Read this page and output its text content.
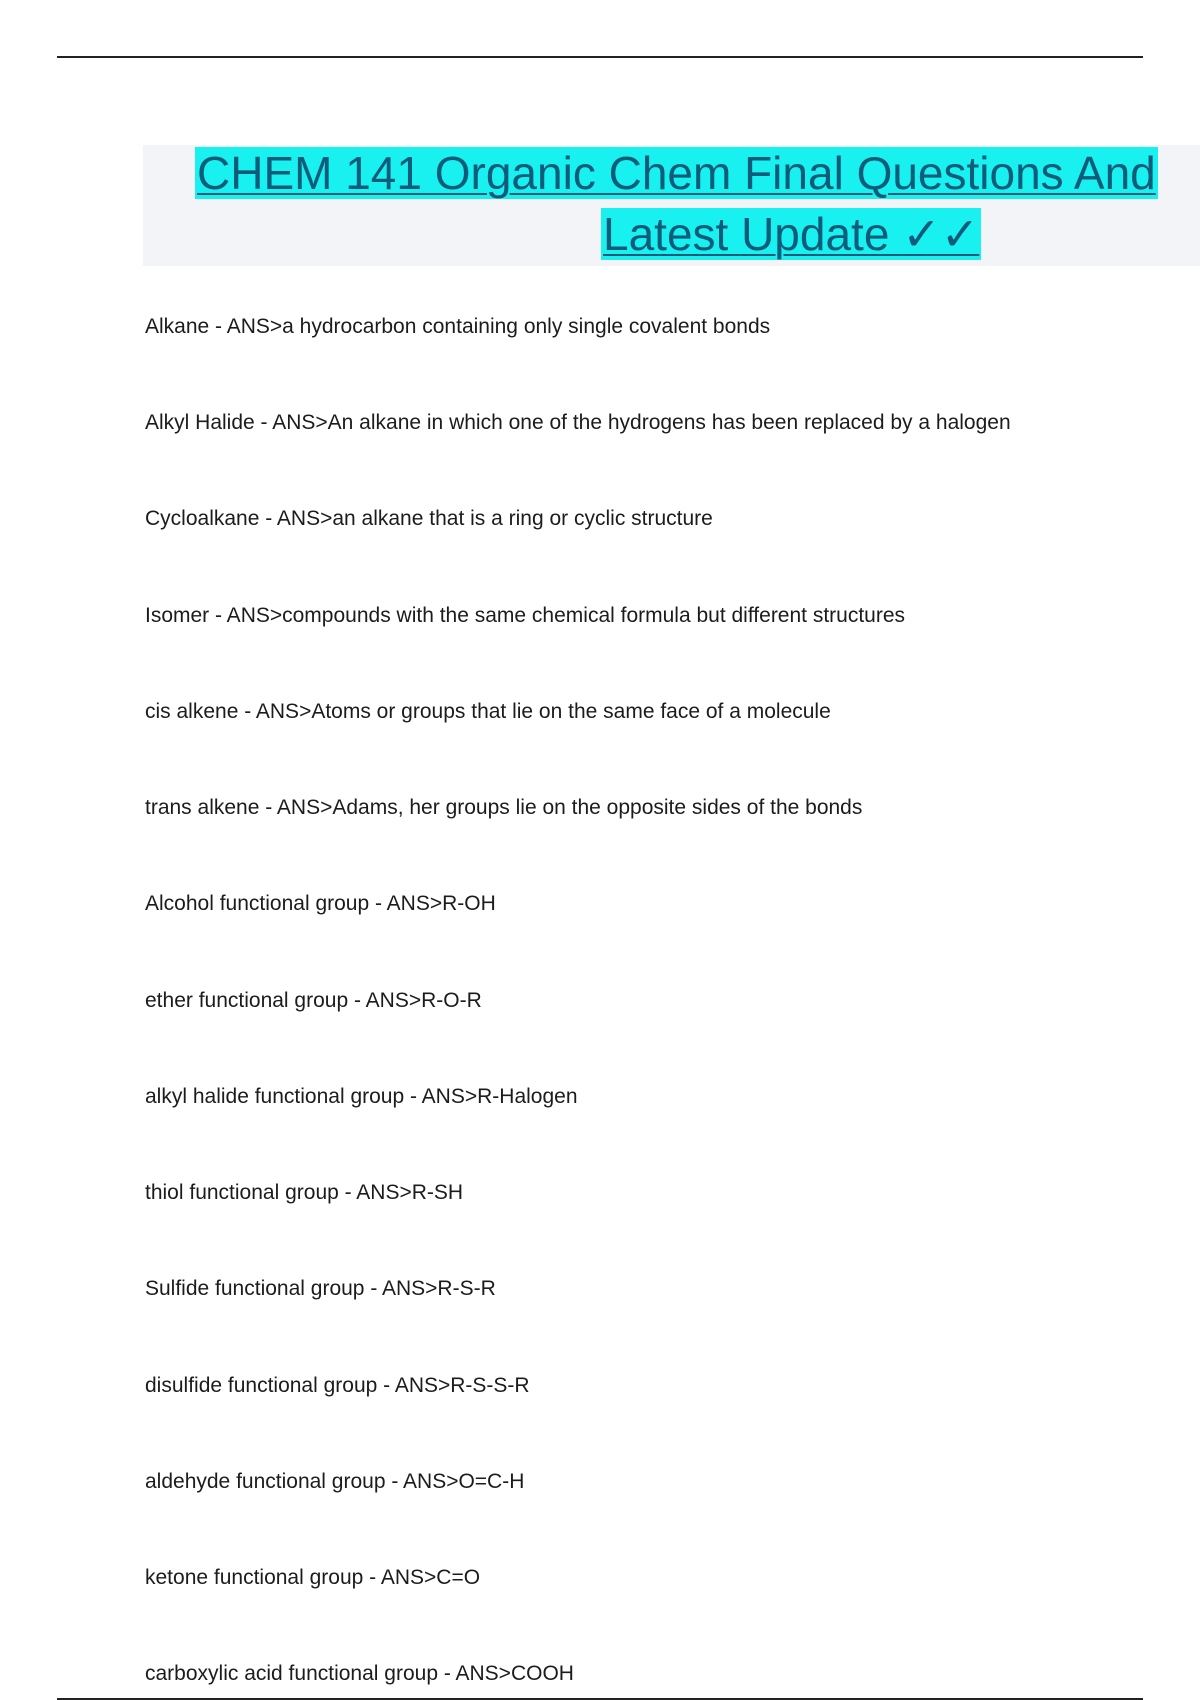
CHEM 141 Organic Chem Final Questions And
Latest Update ✓✓
Alkane - ANS>a hydrocarbon containing only single covalent bonds
Alkyl Halide - ANS>An alkane in which one of the hydrogens has been replaced by a halogen
Cycloalkane - ANS>an alkane that is a ring or cyclic structure
Isomer - ANS>compounds with the same chemical formula but different structures
cis alkene - ANS>Atoms or groups that lie on the same face of a molecule
trans alkene - ANS>Adams, her groups lie on the opposite sides of the bonds
Alcohol functional group - ANS>R-OH
ether functional group - ANS>R-O-R
alkyl halide functional group - ANS>R-Halogen
thiol functional group - ANS>R-SH
Sulfide functional group - ANS>R-S-R
disulfide functional group - ANS>R-S-S-R
aldehyde functional group - ANS>O=C-H
ketone functional group - ANS>C=O
carboxylic acid functional group - ANS>COOH
